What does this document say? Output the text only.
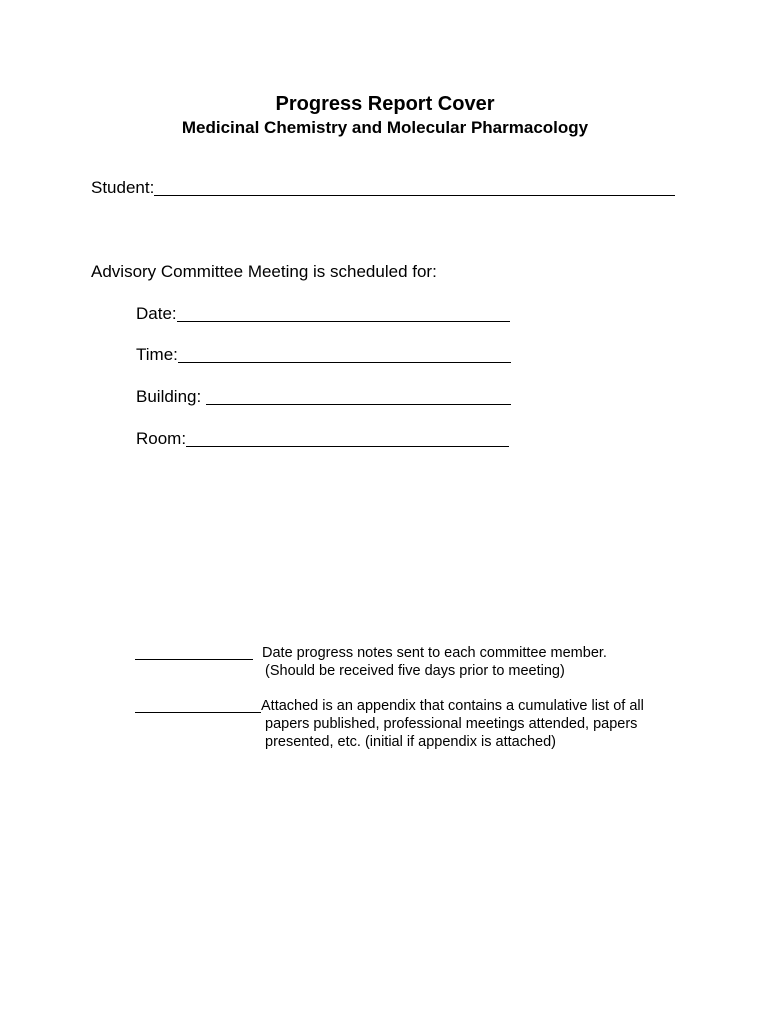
Progress Report Cover
Medicinal Chemistry and Molecular Pharmacology
Student:
Advisory Committee Meeting is scheduled for:
Date:
Time:
Building:
Room:
Date progress notes sent to each committee member.
(Should be received five days prior to meeting)
Attached is an appendix that contains a cumulative list of all
papers published, professional meetings attended, papers
presented, etc. (initial if appendix is attached)
